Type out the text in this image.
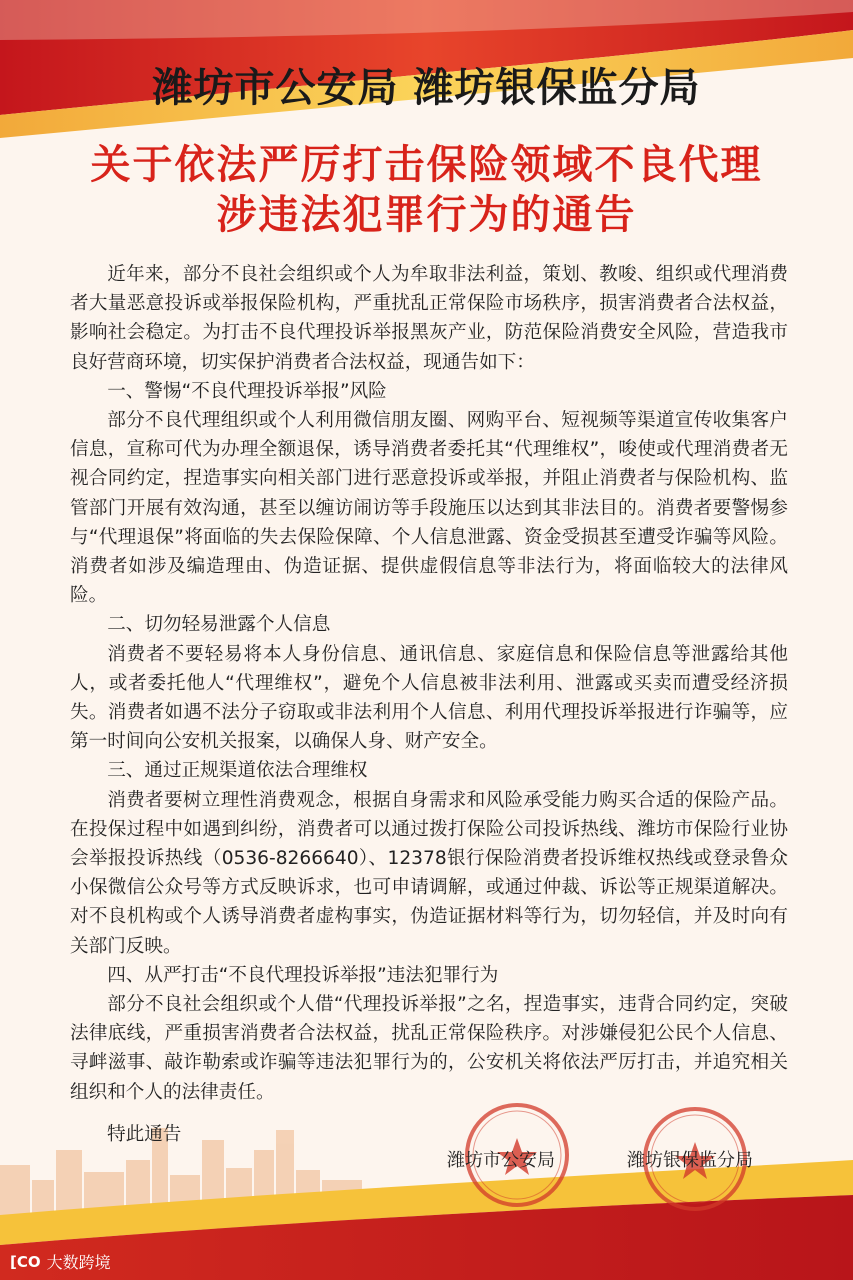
潍坊市公安局 潍坊银保监分局
关于依法严厉打击保险领域不良代理
涉违法犯罪行为的通告

近年来，部分不良社会组织或个人为牟取非法利益，策划、教唆、组织或代理消费者大量恶意投诉或举报保险机构，严重扰乱正常保险市场秩序，损害消费者合法权益，影响社会稳定。为打击不良代理投诉举报黑灰产业，防范保险消费安全风险，营造我市良好营商环境，切实保护消费者合法权益，现通告如下：

一、警惕“不良代理投诉举报”风险

部分不良代理组织或个人利用微信朋友圈、网购平台、短视频等渠道宣传收集客户信息，宣称可代为办理全额退保，诱导消费者委托其“代理维权”，唆使或代理消费者无视合同约定，捏造事实向相关部门进行恶意投诉或举报，并阻止消费者与保险机构、监管部门开展有效沟通，甚至以缠访闹访等手段施压以达到其非法目的。消费者要警惕参与“代理退保”将面临的失去保险保障、个人信息泄露、资金受损甚至遭受诈骗等风险。消费者如涉及编造理由、伪造证据、提供虚假信息等非法行为，将面临较大的法律风险。

二、切勿轻易泄露个人信息

消费者不要轻易将本人身份信息、通讯信息、家庭信息和保险信息等泄露给其他人，或者委托他人“代理维权”，避免个人信息被非法利用、泄露或买卖而遭受经济损失。消费者如遇不法分子窃取或非法利用个人信息、利用代理投诉举报进行诈骗等，应第一时间向公安机关报案，以确保人身、财产安全。

三、通过正规渠道依法合理维权

消费者要树立理性消费观念，根据自身需求和风险承受能力购买合适的保险产品。在投保过程中如遇到纠纷，消费者可以通过拨打保险公司投诉热线、潍坊市保险行业协会举报投诉热线（0536-8266640）、12378银行保险消费者投诉维权热线或登录鲁众小保微信公众号等方式反映诉求，也可申请调解，或通过仲裁、诉讼等正规渠道解决。对不良机构或个人诱导消费者虚构事实，伪造证据材料等行为，切勿轻信，并及时向有关部门反映。

四、从严打击“不良代理投诉举报”违法犯罪行为

部分不良社会组织或个人借“代理投诉举报”之名，捏造事实，违背合同约定，突破法律底线，严重损害消费者合法权益，扰乱正常保险秩序。对涉嫌侵犯公民个人信息、寻衅滋事、敲诈勒索或诈骗等违法犯罪行为的，公安机关将依法严厉打击，并追究相关组织和个人的法律责任。

特此通告
潍坊市公安局	潍坊银保监分局
[CO 大数跨境
